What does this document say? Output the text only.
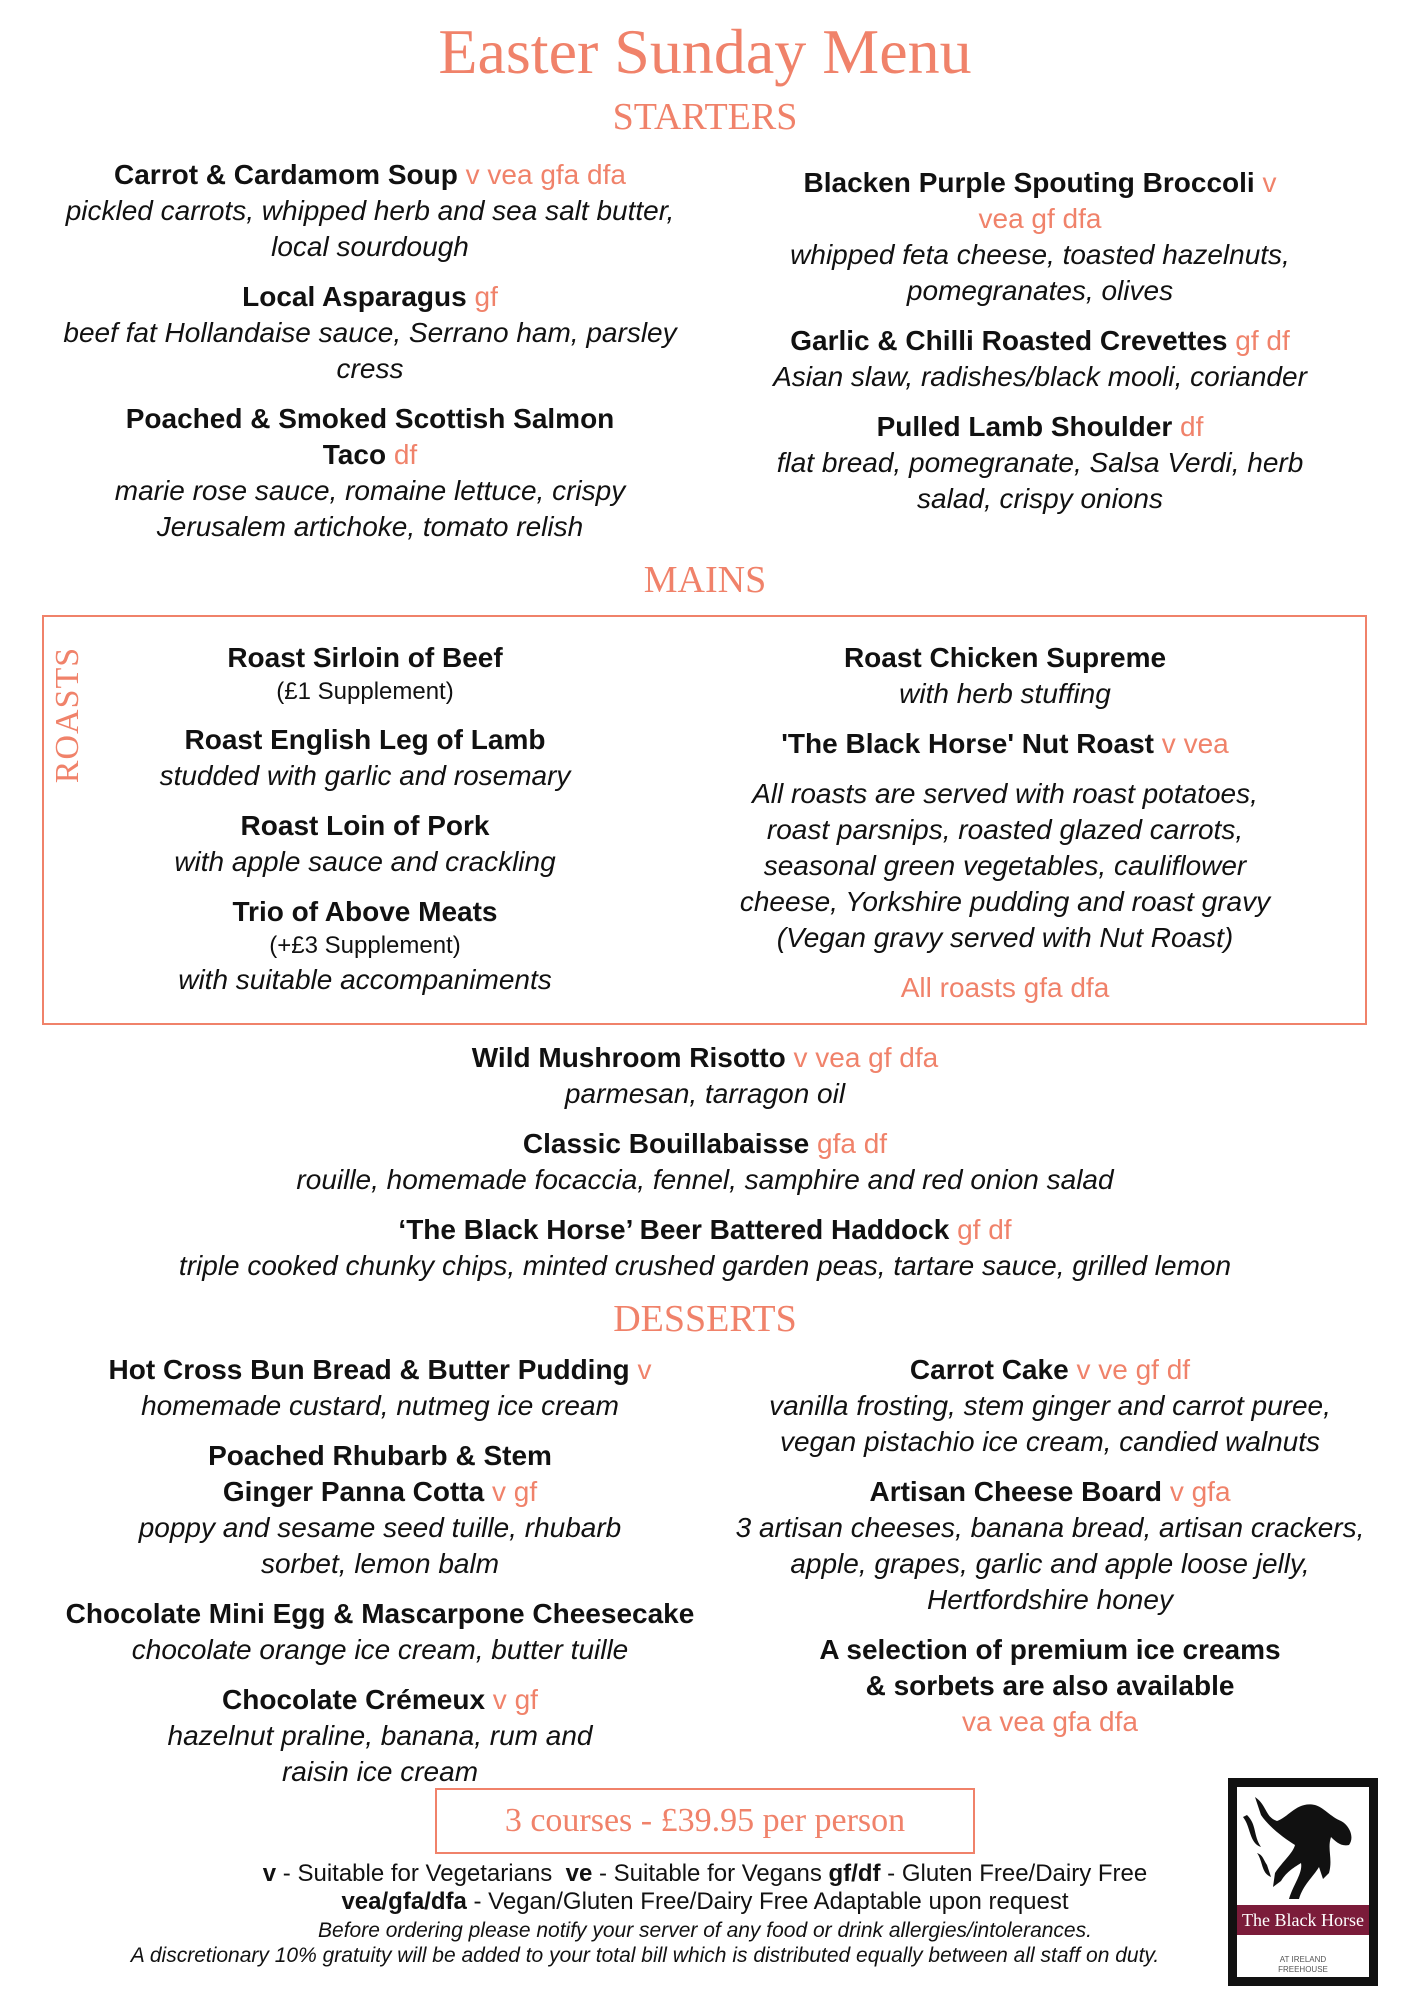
Easter Sunday Menu
STARTERS
Carrot & Cardamom Soup v vea gfa dfa
pickled carrots, whipped herb and sea salt butter, local sourdough
Local Asparagus gf
beef fat Hollandaise sauce, Serrano ham, parsley cress
Poached & Smoked Scottish Salmon Taco df
marie rose sauce, romaine lettuce, crispy Jerusalem artichoke, tomato relish
Blacken Purple Spouting Broccoli v vea gf dfa
whipped feta cheese, toasted hazelnuts, pomegranates, olives
Garlic & Chilli Roasted Crevettes gf df
Asian slaw, radishes/black mooli, coriander
Pulled Lamb Shoulder df
flat bread, pomegranate, Salsa Verdi, herb salad, crispy onions
MAINS
ROASTS	Roast Sirloin of Beef
(£1 Supplement)
Roast English Leg of Lamb
studded with garlic and rosemary
Roast Loin of Pork
with apple sauce and crackling
Trio of Above Meats
(+£3 Supplement)
with suitable accompaniments
Roast Chicken Supreme
with herb stuffing
'The Black Horse' Nut Roast v vea
All roasts are served with roast potatoes, roast parsnips, roasted glazed carrots, seasonal green vegetables, cauliflower cheese, Yorkshire pudding and roast gravy (Vegan gravy served with Nut Roast)
All roasts gfa dfa
Wild Mushroom Risotto v vea gf dfa
parmesan, tarragon oil
Classic Bouillabaisse gfa df
rouille, homemade focaccia, fennel, samphire and red onion salad
‘The Black Horse’ Beer Battered Haddock gf df
triple cooked chunky chips, minted crushed garden peas, tartare sauce, grilled lemon
DESSERTS
Hot Cross Bun Bread & Butter Pudding v
homemade custard, nutmeg ice cream
Poached Rhubarb & Stem Ginger Panna Cotta v gf
poppy and sesame seed tuille, rhubarb sorbet, lemon balm
Chocolate Mini Egg & Mascarpone Cheesecake
chocolate orange ice cream, butter tuille
Chocolate Crémeux v gf
hazelnut praline, banana, rum and raisin ice cream
Carrot Cake v ve gf df
vanilla frosting, stem ginger and carrot puree, vegan pistachio ice cream, candied walnuts
Artisan Cheese Board v gfa
3 artisan cheeses, banana bread, artisan crackers, apple, grapes, garlic and apple loose jelly, Hertfordshire honey
A selection of premium ice creams
& sorbets are also available
va vea gfa dfa
3 courses - £39.95 per person
v - Suitable for Vegetarians ve - Suitable for Vegans gf/df - Gluten Free/Dairy Free
vea/gfa/dfa - Vegan/Gluten Free/Dairy Free Adaptable upon request
Before ordering please notify your server of any food or drink allergies/intolerances.
A discretionary 10% gratuity will be added to your total bill which is distributed equally between all staff on duty.
The Black Horse
AT IRELAND
FREEHOUSE
